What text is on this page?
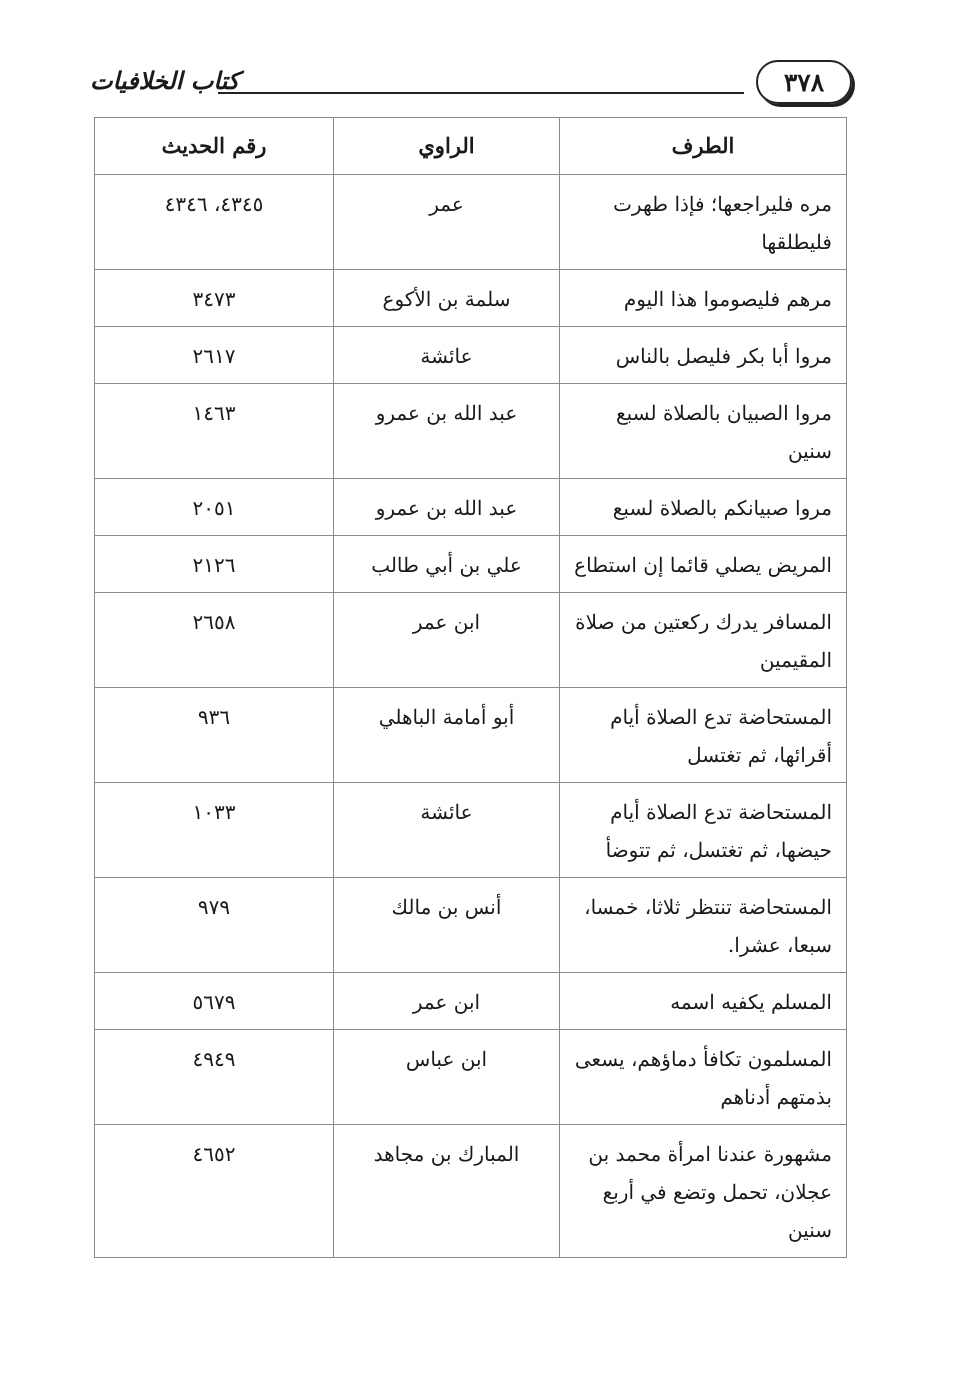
كتاب الخلافيات	٣٧٨
الطرف	الراوي	رقم الحديث
مره فليراجعها؛ فإذا طهرت فليطلقها	عمر	٤٣٤٥، ٤٣٤٦
مرهم فليصوموا هذا اليوم	سلمة بن الأكوع	٣٤٧٣
مروا أبا بكر فليصل بالناس	عائشة	٢٦١٧
مروا الصبيان بالصلاة لسبع سنين	عبد الله بن عمرو	١٤٦٣
مروا صبيانكم بالصلاة لسبع	عبد الله بن عمرو	٢٠٥١
المريض يصلي قائما إن استطاع	علي بن أبي طالب	٢١٢٦
المسافر يدرك ركعتين من صلاة المقيمين	ابن عمر	٢٦٥٨
المستحاضة تدع الصلاة أيام أقرائها، ثم تغتسل	أبو أمامة الباهلي	٩٣٦
المستحاضة تدع الصلاة أيام حيضها، ثم تغتسل، ثم تتوضأ	عائشة	١٠٣٣
المستحاضة تنتظر ثلاثا، خمسا، سبعا، عشرا.	أنس بن مالك	٩٧٩
المسلم يكفيه اسمه	ابن عمر	٥٦٧٩
المسلمون تكافأ دماؤهم، يسعى بذمتهم أدناهم	ابن عباس	٤٩٤٩
مشهورة عندنا امرأة محمد بن عجلان، تحمل وتضع في أربع سنين	المبارك بن مجاهد	٤٦٥٢
